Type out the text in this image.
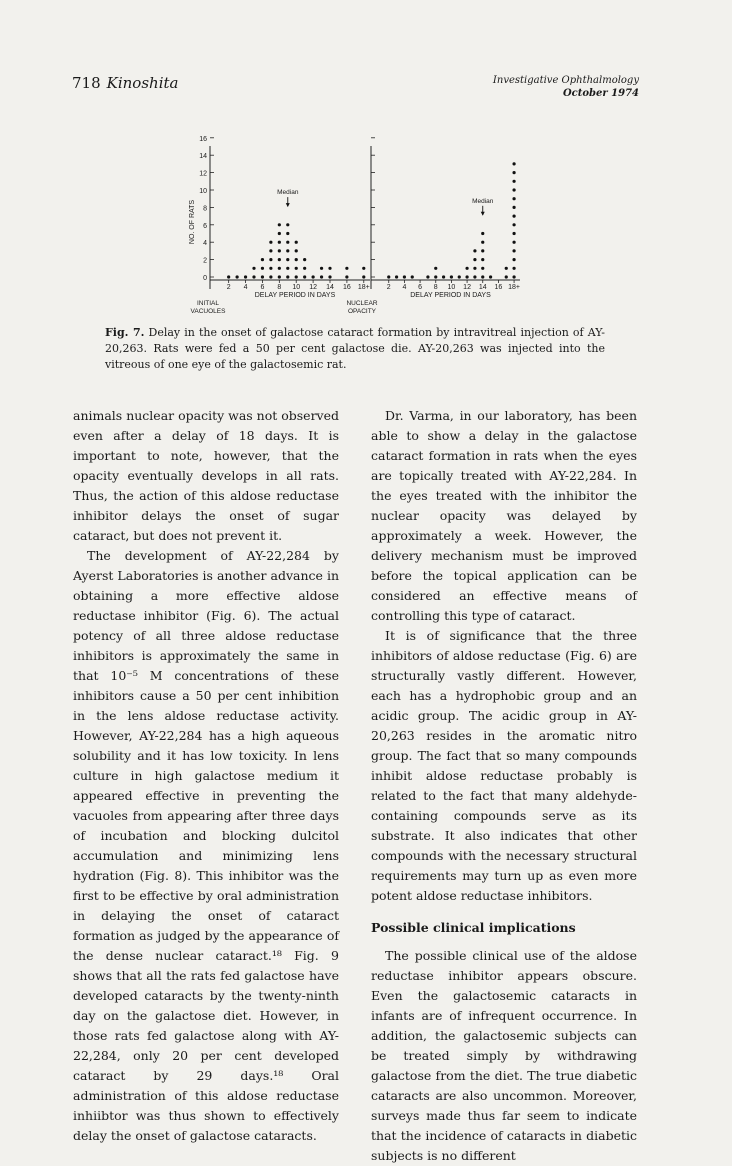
718 Kinoshita	Investigative Ophthalmology
October 1974
0
2
4
6
8
10
12
14
16
2 4 6 8 10 12 14 16 18+
DELAY PERIOD IN DAYS
NO. OF RATS
Median
INITIAL
VACUOLES
2 4 6 8 10 12 14 16 18+
DELAY PERIOD IN DAYS
Median
NUCLEAR
OPACITY
Fig. 7. Delay in the onset of galactose cataract formation by intravitreal injection of AY-20,263. Rats were fed a 50 per cent galactose die. AY-20,263 was injected into the vitreous of one eye of the galactosemic rat.

animals nuclear opacity was not observed even after a delay of 18 days. It is important to note, however, that the opacity eventually develops in all rats. Thus, the action of this aldose reductase inhibitor delays the onset of sugar cataract, but does not prevent it.

The development of AY-22,284 by Ayerst Laboratories is another advance in obtaining a more effective aldose reductase inhibitor (Fig. 6). The actual potency of all three aldose reductase inhibitors is approximately the same in that 10⁻⁵ M concentrations of these inhibitors cause a 50 per cent inhibition in the lens aldose reductase activity. However, AY-22,284 has a high aqueous solubility and it has low toxicity. In lens culture in high galactose medium it appeared effective in preventing the vacuoles from appearing after three days of incubation and blocking dulcitol accumulation and minimizing lens hydration (Fig. 8). This inhibitor was the first to be effective by oral administration in delaying the onset of cataract formation as judged by the appearance of the dense nuclear cataract.¹⁸ Fig. 9 shows that all the rats fed galactose have developed cataracts by the twenty-ninth day on the galactose diet. However, in those rats fed galactose along with AY-22,284, only 20 per cent developed cataract by 29 days.¹⁸ Oral administration of this aldose reductase inhiibtor was thus shown to effectively delay the onset of galactose cataracts.

Dr. Varma, in our laboratory, has been able to show a delay in the galactose cataract formation in rats when the eyes are topically treated with AY-22,284. In the eyes treated with the inhibitor the nuclear opacity was delayed by approximately a week. However, the delivery mechanism must be improved before the topical application can be considered an effective means of controlling this type of cataract.

It is of significance that the three inhibitors of aldose reductase (Fig. 6) are structurally vastly different. However, each has a hydrophobic group and an acidic group. The acidic group in AY-20,263 resides in the aromatic nitro group. The fact that so many compounds inhibit aldose reductase probably is related to the fact that many aldehyde-containing compounds serve as its substrate. It also indicates that other compounds with the necessary structural requirements may turn up as even more potent aldose reductase inhibitors.

Possible clinical implications

The possible clinical use of the aldose reductase inhibitor appears obscure. Even the galactosemic cataracts in infants are of infrequent occurrence. In addition, the galactosemic subjects can be treated simply by withdrawing galactose from the diet. The true diabetic cataracts are also uncommon. Moreover, surveys made thus far seem to indicate that the incidence of cataracts in diabetic subjects is no different
